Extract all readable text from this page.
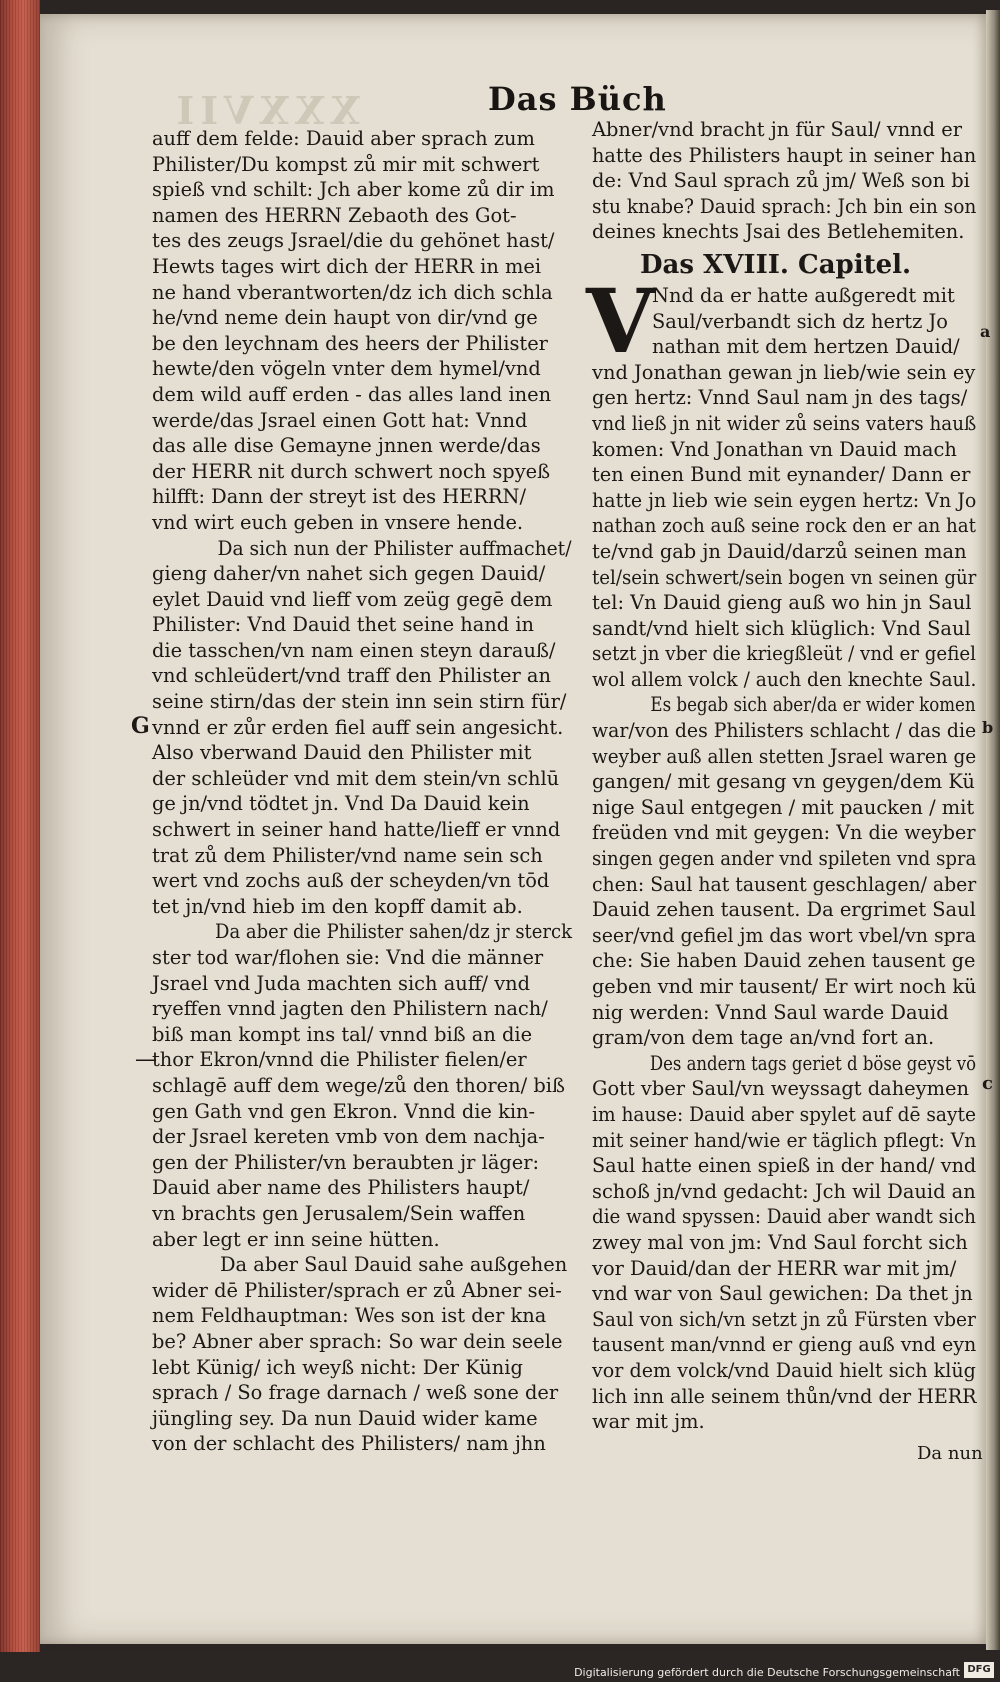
XXXVII	Das Büch
auff dem felde: Dauid aber sprach zum
Philister/Du kompst zů mir mit schwert
spieß vnd schilt: Jch aber kome zů dir im
namen des HERRN Zebaoth des Got-
tes des zeugs Jsrael/die du gehönet hast/
Hewts tages wirt dich der HERR in mei
ne hand vberantworten/dz ich dich schla
he/vnd neme dein haupt von dir/vnd ge
be den leychnam des heers der Philister
hewte/den vögeln vnter dem hymel/vnd
dem wild auff erden - das alles land inen
werde/das Jsrael einen Gott hat: Vnnd
das alle dise Gemayne jnnen werde/das
der HERR nit durch schwert noch spyeß
hilfft: Dann der streyt ist des HERRN/
vnd wirt euch geben in vnsere hende.
Da sich nun der Philister auffmachet/
gieng daher/vn nahet sich gegen Dauid/
eylet Dauid vnd lieff vom zeüg gegē dem
Philister: Vnd Dauid thet seine hand in
die tasschen/vn nam einen steyn darauß/
vnd schleüdert/vnd traff den Philister an
seine stirn/das der stein inn sein stirn für/
vnnd er zůr erden fiel auff sein angesicht.
Also vberwand Dauid den Philister mit
der schleüder vnd mit dem stein/vn schlū
ge jn/vnd tödtet jn. Vnd Da Dauid kein
schwert in seiner hand hatte/lieff er vnnd
trat zů dem Philister/vnd name sein sch
wert vnd zochs auß der scheyden/vn tōd
tet jn/vnd hieb im den kopff damit ab.
Da aber die Philister sahen/dz jr sterck
ster tod war/flohen sie: Vnd die männer
Jsrael vnd Juda machten sich auff/ vnd
ryeffen vnnd jagten den Philistern nach/
biß man kompt ins tal/ vnnd biß an die
thor Ekron/vnnd die Philister fielen/er
schlagē auff dem wege/zů den thoren/ biß
gen Gath vnd gen Ekron. Vnnd die kin-
der Jsrael kereten vmb von dem nachja-
gen der Philister/vn beraubten jr läger:
Dauid aber name des Philisters haupt/
vn brachts gen Jerusalem/Sein waffen
aber legt er inn seine hütten.
Da aber Saul Dauid sahe außgehen
wider dē Philister/sprach er zů Abner sei-
nem Feldhauptman: Wes son ist der kna
be? Abner aber sprach: So war dein seele
lebt Künig/ ich weyß nicht: Der Künig
sprach / So frage darnach / weß sone der
jüngling sey. Da nun Dauid wider kame
von der schlacht des Philisters/ nam jhn
Abner/vnd bracht jn für Saul/ vnnd er
hatte des Philisters haupt in seiner han
de: Vnd Saul sprach zů jm/ Weß son bi
stu knabe? Dauid sprach: Jch bin ein son
deines knechts Jsai des Betlehemiten.
Das XVIII. Capitel.
V
Nnd da er hatte außgeredt mit
Saul/verbandt sich dz hertz Jo
nathan mit dem hertzen Dauid/
vnd Jonathan gewan jn lieb/wie sein ey
gen hertz: Vnnd Saul nam jn des tags/
vnd ließ jn nit wider zů seins vaters hauß
komen: Vnd Jonathan vn Dauid mach
ten einen Bund mit eynander/ Dann er
hatte jn lieb wie sein eygen hertz: Vn Jo
nathan zoch auß seine rock den er an hat
te/vnd gab jn Dauid/darzů seinen man
tel/sein schwert/sein bogen vn seinen gür
tel: Vn Dauid gieng auß wo hin jn Saul
sandt/vnd hielt sich klüglich: Vnd Saul
setzt jn vber die kriegßleüt / vnd er gefiel
wol allem volck / auch den knechte Saul.
Es begab sich aber/da er wider komen
war/von des Philisters schlacht / das die
weyber auß allen stetten Jsrael waren ge
gangen/ mit gesang vn geygen/dem Kü
nige Saul entgegen / mit paucken / mit
freüden vnd mit geygen: Vn die weyber
singen gegen ander vnd spileten vnd spra
chen: Saul hat tausent geschlagen/ aber
Dauid zehen tausent. Da ergrimet Saul
seer/vnd gefiel jm das wort vbel/vn spra
che: Sie haben Dauid zehen tausent ge
geben vnd mir tausent/ Er wirt noch kü
nig werden: Vnnd Saul warde Dauid
gram/von dem tage an/vnd fort an.
Des andern tags geriet d böse geyst vō
Gott vber Saul/vn weyssagt daheymen
im hause: Dauid aber spylet auf dē sayte
mit seiner hand/wie er täglich pflegt: Vn
Saul hatte einen spieß in der hand/ vnd
schoß jn/vnd gedacht: Jch wil Dauid an
die wand spyssen: Dauid aber wandt sich
zwey mal von jm: Vnd Saul forcht sich
vor Dauid/dan der HERR war mit jm/
vnd war von Saul gewichen: Da thet jn
Saul von sich/vn setzt jn zů Fürsten vber
tausent man/vnnd er gieng auß vnd eyn
vor dem volck/vnd Dauid hielt sich klüg
lich inn alle seinem thůn/vnd der HERR
war mit jm.
G
—
a
b
c
Da nun
Digitalisierung gefördert durch die Deutsche Forschungsgemeinschaft DFG
